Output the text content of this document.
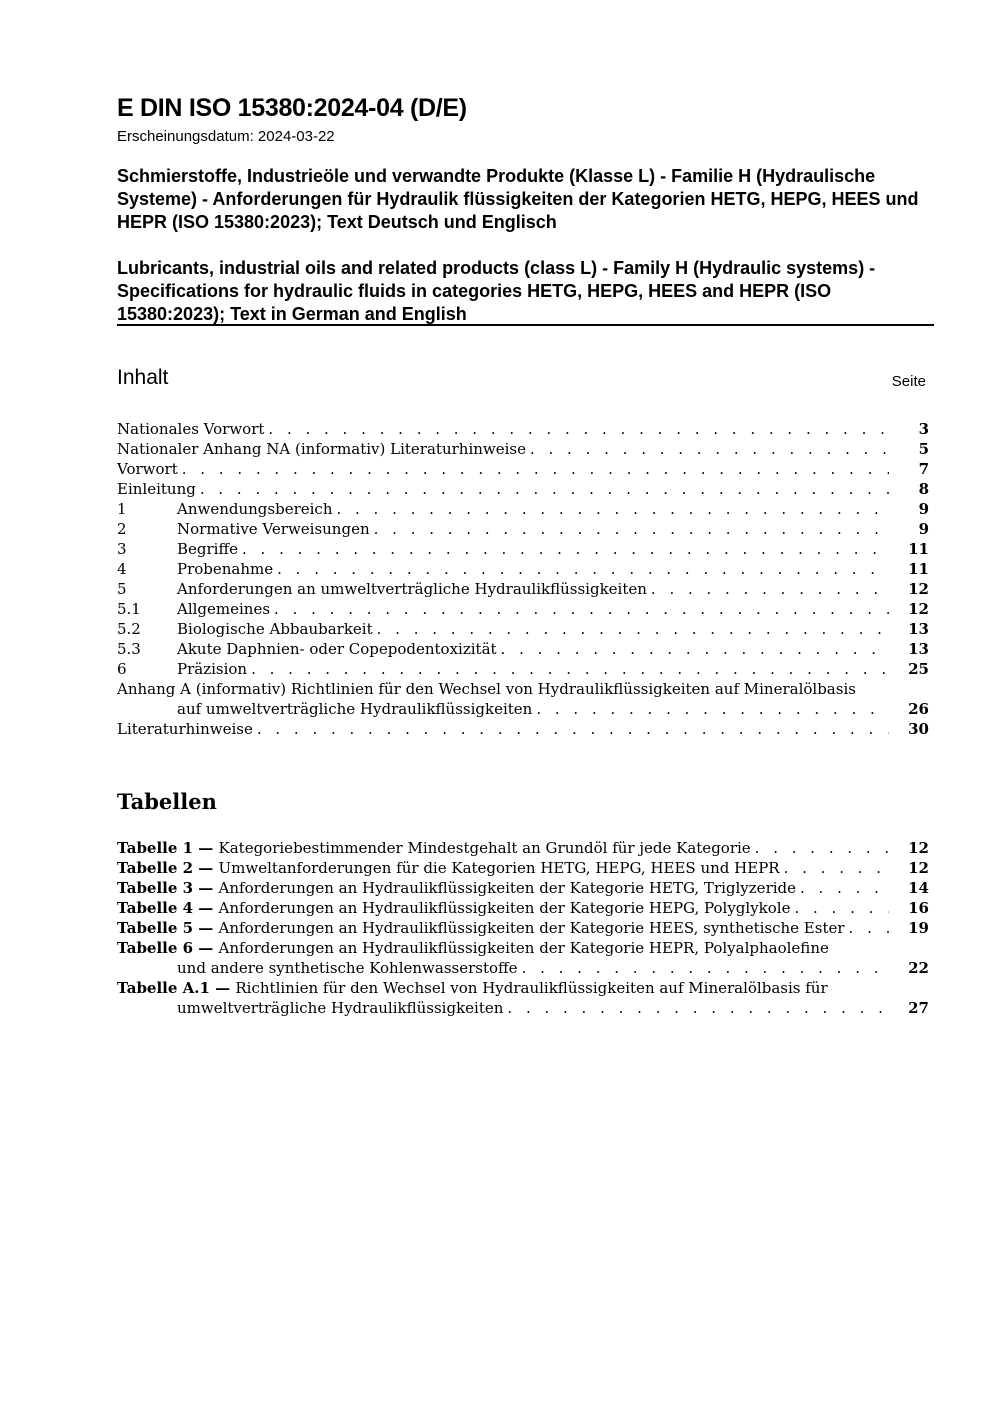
E DIN ISO 15380:2024-04 (D/E)
Erscheinungsdatum: 2024-03-22
Schmierstoffe, Industrieöle und verwandte Produkte (Klasse L) - Familie H (Hydraulische Systeme) - Anforderungen für Hydraulik flüssigkeiten der Kategorien HETG, HEPG, HEES und HEPR (ISO 15380:2023); Text Deutsch und Englisch
Lubricants, industrial oils and related products (class L) - Family H (Hydraulic systems) - Specifications for hydraulic fluids in categories HETG, HEPG, HEES and HEPR (ISO 15380:2023); Text in German and English
Inhalt	Seite
Nationales Vorwort . . .	3
Nationaler Anhang NA (informativ) Literaturhinweise . . .	5
Vorwort . . .	7
Einleitung . . .	8
1	Anwendungsbereich . . .	9
2	Normative Verweisungen . . .	9
3	Begriffe . . .	11
4	Probenahme . . .	11
5	Anforderungen an umweltverträgliche Hydraulikflüssigkeiten . . .	12
5.1	Allgemeines . . .	12
5.2	Biologische Abbaubarkeit . . .	13
5.3	Akute Daphnien- oder Copepodentoxizität . . .	13
6	Präzision . . .	25
Anhang A (informativ) Richtlinien für den Wechsel von Hydraulikflüssigkeiten auf Mineralölbasis
auf umweltverträgliche Hydraulikflüssigkeiten . . .	26
Literaturhinweise . . .	30
Tabellen
Tabelle 1 — Kategoriebestimmender Mindestgehalt an Grundöl für jede Kategorie . . .	12
Tabelle 2 — Umweltanforderungen für die Kategorien HETG, HEPG, HEES und HEPR . . .	12
Tabelle 3 — Anforderungen an Hydraulikflüssigkeiten der Kategorie HETG, Triglyzeride . . .	14
Tabelle 4 — Anforderungen an Hydraulikflüssigkeiten der Kategorie HEPG, Polyglykole . . .	16
Tabelle 5 — Anforderungen an Hydraulikflüssigkeiten der Kategorie HEES, synthetische Ester . . .	19
Tabelle 6 — Anforderungen an Hydraulikflüssigkeiten der Kategorie HEPR, Polyalphaolefine
und andere synthetische Kohlenwasserstoffe . . .	22
Tabelle A.1 — Richtlinien für den Wechsel von Hydraulikflüssigkeiten auf Mineralölbasis für
umweltverträgliche Hydraulikflüssigkeiten . . .	27
